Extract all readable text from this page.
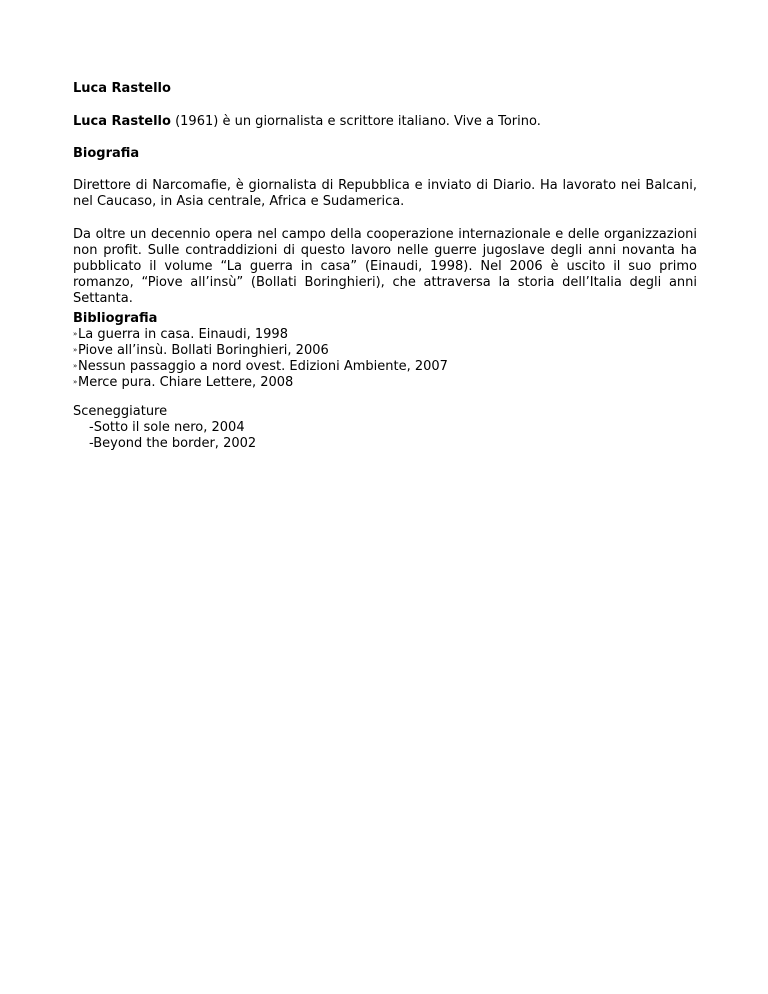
Luca Rastello
Luca Rastello (1961) è un giornalista e scrittore italiano. Vive a Torino.
Biografia
Direttore di Narcomafie, è giornalista di Repubblica e inviato di Diario. Ha lavorato nei Balcani, nel Caucaso, in Asia centrale, Africa e Sudamerica.
Da oltre un decennio opera nel campo della cooperazione internazionale e delle organizzazioni non profit. Sulle contraddizioni di questo lavoro nelle guerre jugoslave degli anni novanta ha pubblicato il volume “La guerra in casa” (Einaudi, 1998). Nel 2006 è uscito il suo primo romanzo, “Piove all’insù” (Bollati Boringhieri), che attraversa la storia dell’Italia degli anni Settanta.
Bibliografia
»La guerra in casa. Einaudi, 1998
»Piove all’insù. Bollati Boringhieri, 2006
»Nessun passaggio a nord ovest. Edizioni Ambiente, 2007
»Merce pura. Chiare Lettere, 2008
Sceneggiature
-Sotto il sole nero, 2004
-Beyond the border, 2002
